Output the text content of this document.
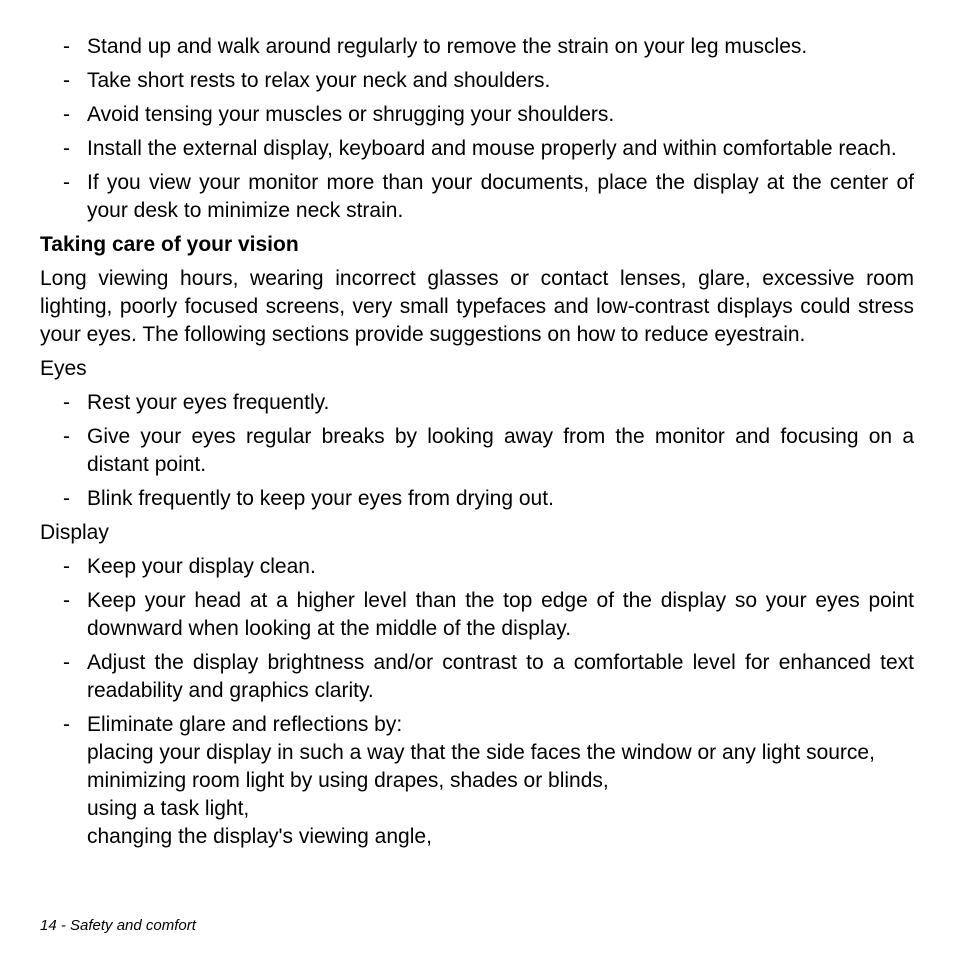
- Stand up and walk around regularly to remove the strain on your leg muscles.
- Take short rests to relax your neck and shoulders.
- Avoid tensing your muscles or shrugging your shoulders.
- Install the external display, keyboard and mouse properly and within comfortable reach.
- If you view your monitor more than your documents, place the display at the center of your desk to minimize neck strain.
Taking care of your vision

Long viewing hours, wearing incorrect glasses or contact lenses, glare, excessive room lighting, poorly focused screens, very small typefaces and low-contrast displays could stress your eyes. The following sections provide suggestions on how to reduce eyestrain.

Eyes
- Rest your eyes frequently.
- Give your eyes regular breaks by looking away from the monitor and focusing on a distant point.
- Blink frequently to keep your eyes from drying out.
Display
- Keep your display clean.
- Keep your head at a higher level than the top edge of the display so your eyes point downward when looking at the middle of the display.
- Adjust the display brightness and/or contrast to a comfortable level for enhanced text readability and graphics clarity.
- Eliminate glare and reflections by:
placing your display in such a way that the side faces the window or any light source,
minimizing room light by using drapes, shades or blinds,
using a task light,
changing the display's viewing angle,
14 - Safety and comfort
